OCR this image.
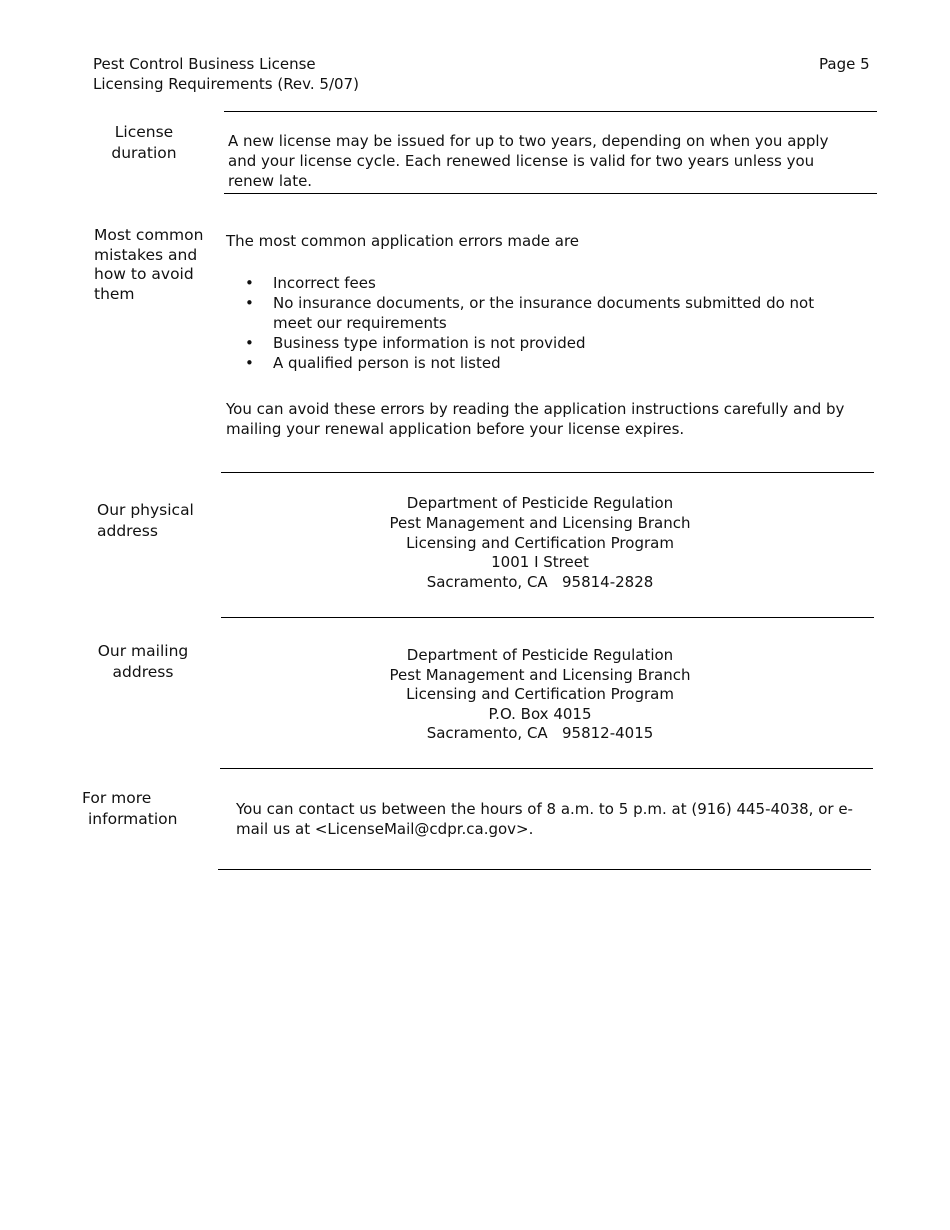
Pest Control Business License
Licensing Requirements (Rev. 5/07)
Page 5
License
duration
A new license may be issued for up to two years, depending on when you apply and your license cycle. Each renewed license is valid for two years unless you renew late.
Most common
mistakes and
how to avoid
them
The most common application errors made are
• Incorrect fees
• No insurance documents, or the insurance documents submitted do not meet our requirements
• Business type information is not provided
• A qualified person is not listed
You can avoid these errors by reading the application instructions carefully and by mailing your renewal application before your license expires.
Our physical
address
Department of Pesticide Regulation
Pest Management and Licensing Branch
Licensing and Certification Program
1001 I Street
Sacramento, CA   95814-2828
Our mailing
address
Department of Pesticide Regulation
Pest Management and Licensing Branch
Licensing and Certification Program
P.O. Box 4015
Sacramento, CA   95812-4015
For more
information
You can contact us between the hours of 8 a.m. to 5 p.m. at (916) 445-4038, or e-mail us at <LicenseMail@cdpr.ca.gov>.
